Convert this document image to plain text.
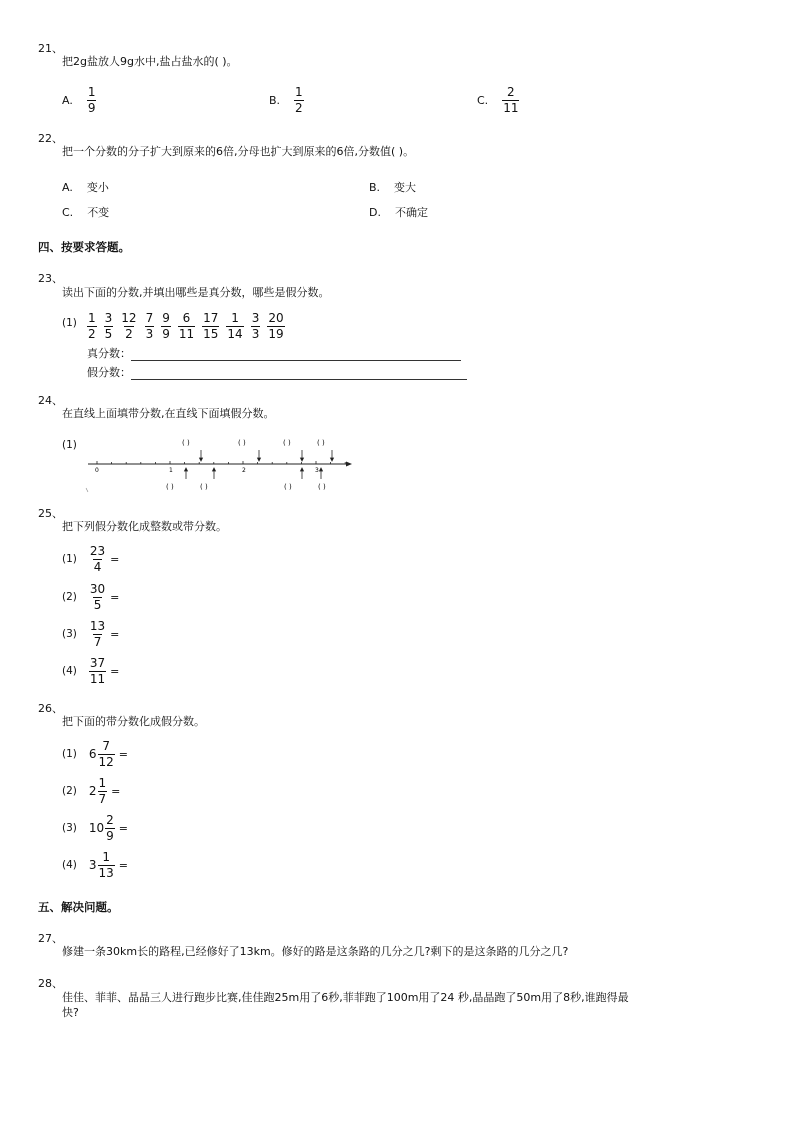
21、
把2g盐放人9g水中,盐占盐水的( )。
A. $\frac{1}{9}$	B. $\frac{1}{2}$	C. $\frac{2}{11}$
22、
把一个分数的分子扩大到原来的6倍,分母也扩大到原来的6倍,分数值( )。
A. 变小	B. 变大
C. 不变	D. 不确定
四、按要求答题。
23、
读出下面的分数,并填出哪些是真分数，哪些是假分数。
$(1) \frac{1}{2} \frac{3}{5} \frac{12}{2} \frac{7}{3} \frac{9}{9} \frac{6}{11} \frac{17}{15} \frac{1}{14} \frac{3}{3} \frac{20}{19}$
真分数：
假分数：
24、
在直线上面填带分数,在直线下面填假分数。
(1)
0	1	2	3
( )	( )	( )	( )
( )	( )	( )	( )
25、
把下列假分数化成整数或带分数。
$(1) \frac{23}{4}$ =
$(2) \frac{30}{5}$ =
$(3) \frac{13}{7}$ =
$(4) \frac{37}{11}$ =
26、
把下面的带分数化成假分数。
(1) $6 \frac{7}{12}$ =
(2) $2 \frac{1}{7}$ =
(3) $10 \frac{2}{9}$ =
(4) $3 \frac{1}{13}$ =
五、解决问题。
27、
修建一条30km长的路程,已经修好了13km。修好的路是这条路的几分之几?剩下的是这条路的几分之几?
28、
佳佳、菲菲、晶晶三人进行跑步比赛,佳佳跑25m用了6秒,菲菲跑了100m用了24 秒,晶晶跑了50m用了8秒,谁跑得最
快?
